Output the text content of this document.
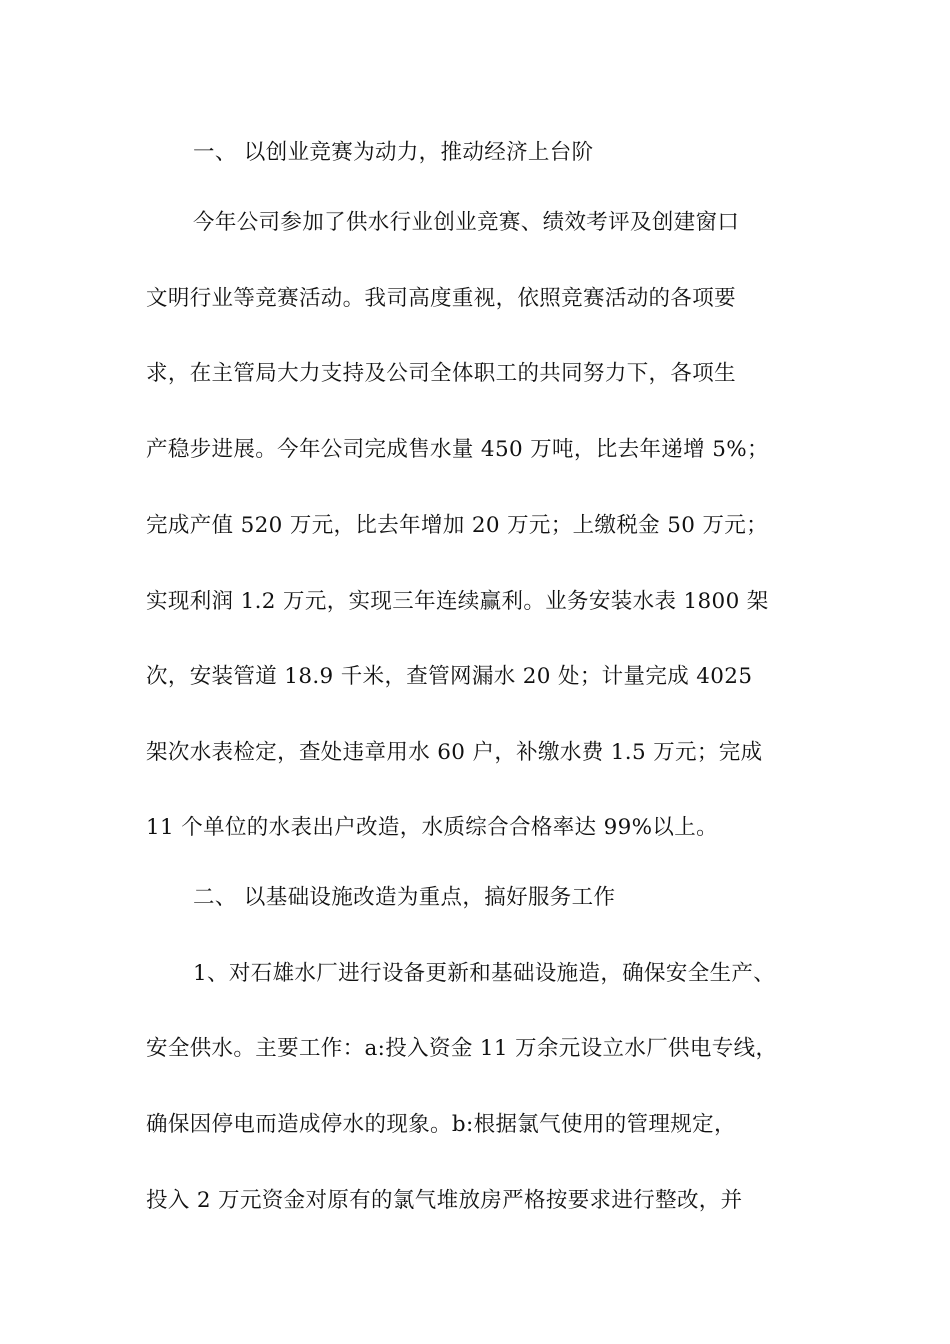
一、 以创业竞赛为动力，推动经济上台阶
今年公司参加了供水行业创业竞赛、绩效考评及创建窗口
文明行业等竞赛活动。我司高度重视，依照竞赛活动的各项要
求，在主管局大力支持及公司全体职工的共同努力下，各项生
产稳步进展。今年公司完成售水量 450 万吨，比去年递增 5%；
完成产值 520 万元，比去年增加 20 万元；上缴税金 50 万元；
实现利润 1.2 万元，实现三年连续赢利。业务安装水表 1800 架
次，安装管道 18.9 千米，查管网漏水 20 处；计量完成 4025
架次水表检定，查处违章用水 60 户，补缴水费 1.5 万元；完成
11 个单位的水表出户改造，水质综合合格率达 99%以上。
二、 以基础设施改造为重点，搞好服务工作
1、对石雄水厂进行设备更新和基础设施造，确保安全生产、
安全供水。主要工作：a:投入资金 11 万余元设立水厂供电专线，
确保因停电而造成停水的现象。b:根据氯气使用的管理规定，
投入 2 万元资金对原有的氯气堆放房严格按要求进行整改，并
